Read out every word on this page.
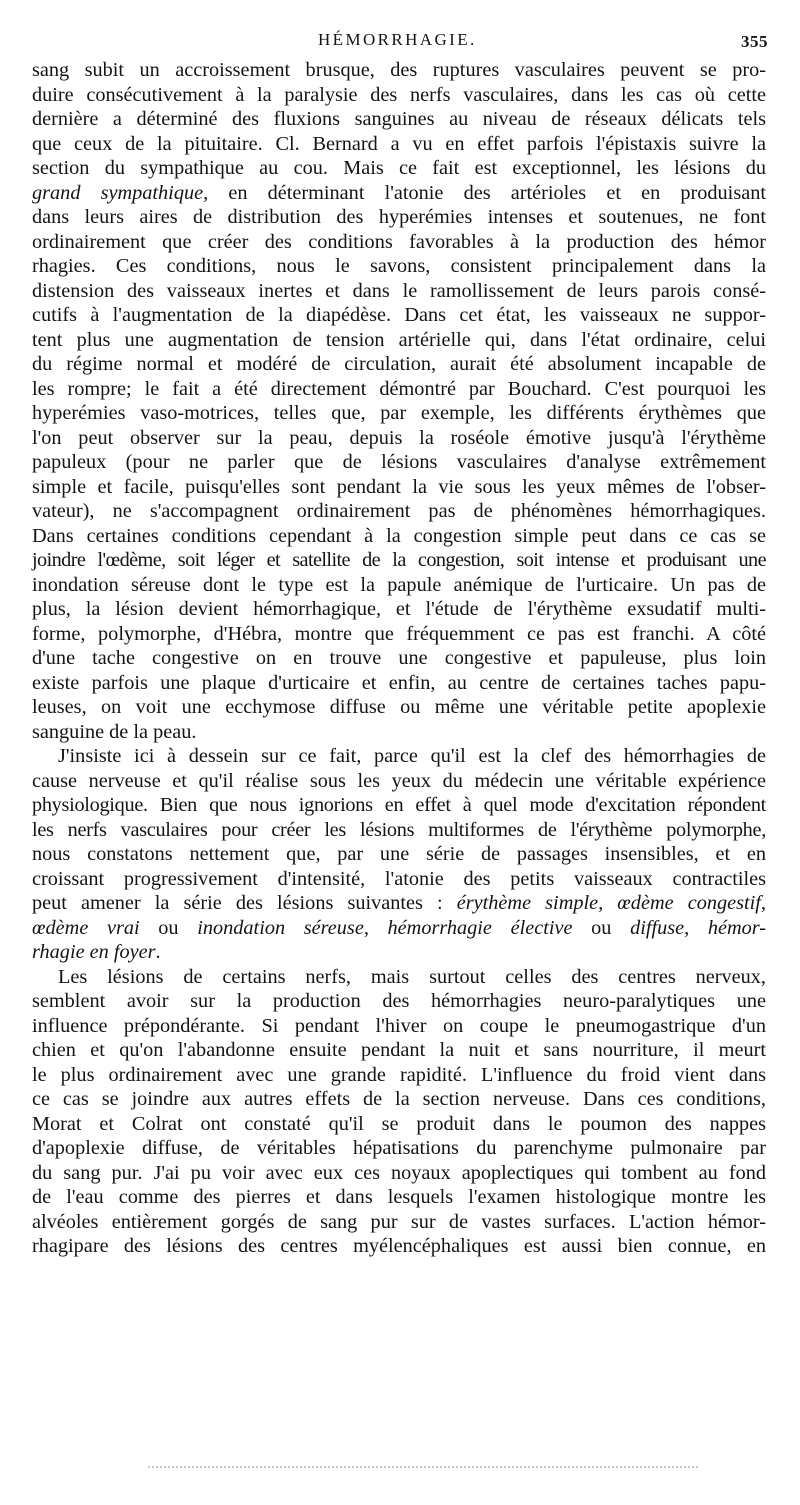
HÉMORRHAGIE.	355
sang subit un accroissement brusque, des ruptures vasculaires peuvent se pro-
duire consécutivement à la paralysie des nerfs vasculaires, dans les cas où cette
dernière a déterminé des fluxions sanguines au niveau de réseaux délicats tels
que ceux de la pituitaire. Cl. Bernard a vu en effet parfois l'épistaxis suivre la
section du sympathique au cou. Mais ce fait est exceptionnel, les lésions du
grand sympathique, en déterminant l'atonie des artérioles et en produisant
dans leurs aires de distribution des hyperémies intenses et soutenues, ne font
ordinairement que créer des conditions favorables à la production des hémor
rhagies. Ces conditions, nous le savons, consistent principalement dans la
distension des vaisseaux inertes et dans le ramollissement de leurs parois consé-
cutifs à l'augmentation de la diapédèse. Dans cet état, les vaisseaux ne suppor-
tent plus une augmentation de tension artérielle qui, dans l'état ordinaire, celui
du régime normal et modéré de circulation, aurait été absolument incapable de
les rompre; le fait a été directement démontré par Bouchard. C'est pourquoi les
hyperémies vaso-motrices, telles que, par exemple, les différents érythèmes que
l'on peut observer sur la peau, depuis la roséole émotive jusqu'à l'érythème
papuleux (pour ne parler que de lésions vasculaires d'analyse extrêmement
simple et facile, puisqu'elles sont pendant la vie sous les yeux mêmes de l'obser-
vateur), ne s'accompagnent ordinairement pas de phénomènes hémorrhagiques.
Dans certaines conditions cependant à la congestion simple peut dans ce cas se
joindre l'œdème, soit léger et satellite de la congestion, soit intense et produisant une
inondation séreuse dont le type est la papule anémique de l'urticaire. Un pas de
plus, la lésion devient hémorrhagique, et l'étude de l'érythème exsudatif multi-
forme, polymorphe, d'Hébra, montre que fréquemment ce pas est franchi. A côté
d'une tache congestive on en trouve une congestive et papuleuse, plus loin
existe parfois une plaque d'urticaire et enfin, au centre de certaines taches papu-
leuses, on voit une ecchymose diffuse ou même une véritable petite apoplexie
sanguine de la peau.
J'insiste ici à dessein sur ce fait, parce qu'il est la clef des hémorrhagies de
cause nerveuse et qu'il réalise sous les yeux du médecin une véritable expérience
physiologique. Bien que nous ignorions en effet à quel mode d'excitation répondent
les nerfs vasculaires pour créer les lésions multiformes de l'érythème polymorphe,
nous constatons nettement que, par une série de passages insensibles, et en
croissant progressivement d'intensité, l'atonie des petits vaisseaux contractiles
peut amener la série des lésions suivantes : érythème simple, œdème congestif,
œdème vrai ou inondation séreuse, hémorrhagie élective ou diffuse, hémor-
rhagie en foyer.
Les lésions de certains nerfs, mais surtout celles des centres nerveux,
semblent avoir sur la production des hémorrhagies neuro-paralytiques une
influence prépondérante. Si pendant l'hiver on coupe le pneumogastrique d'un
chien et qu'on l'abandonne ensuite pendant la nuit et sans nourriture, il meurt
le plus ordinairement avec une grande rapidité. L'influence du froid vient dans
ce cas se joindre aux autres effets de la section nerveuse. Dans ces conditions,
Morat et Colrat ont constaté qu'il se produit dans le poumon des nappes
d'apoplexie diffuse, de véritables hépatisations du parenchyme pulmonaire par
du sang pur. J'ai pu voir avec eux ces noyaux apoplectiques qui tombent au fond
de l'eau comme des pierres et dans lesquels l'examen histologique montre les
alvéoles entièrement gorgés de sang pur sur de vastes surfaces. L'action hémor-
rhagipare des lésions des centres myélencéphaliques est aussi bien connue, en
